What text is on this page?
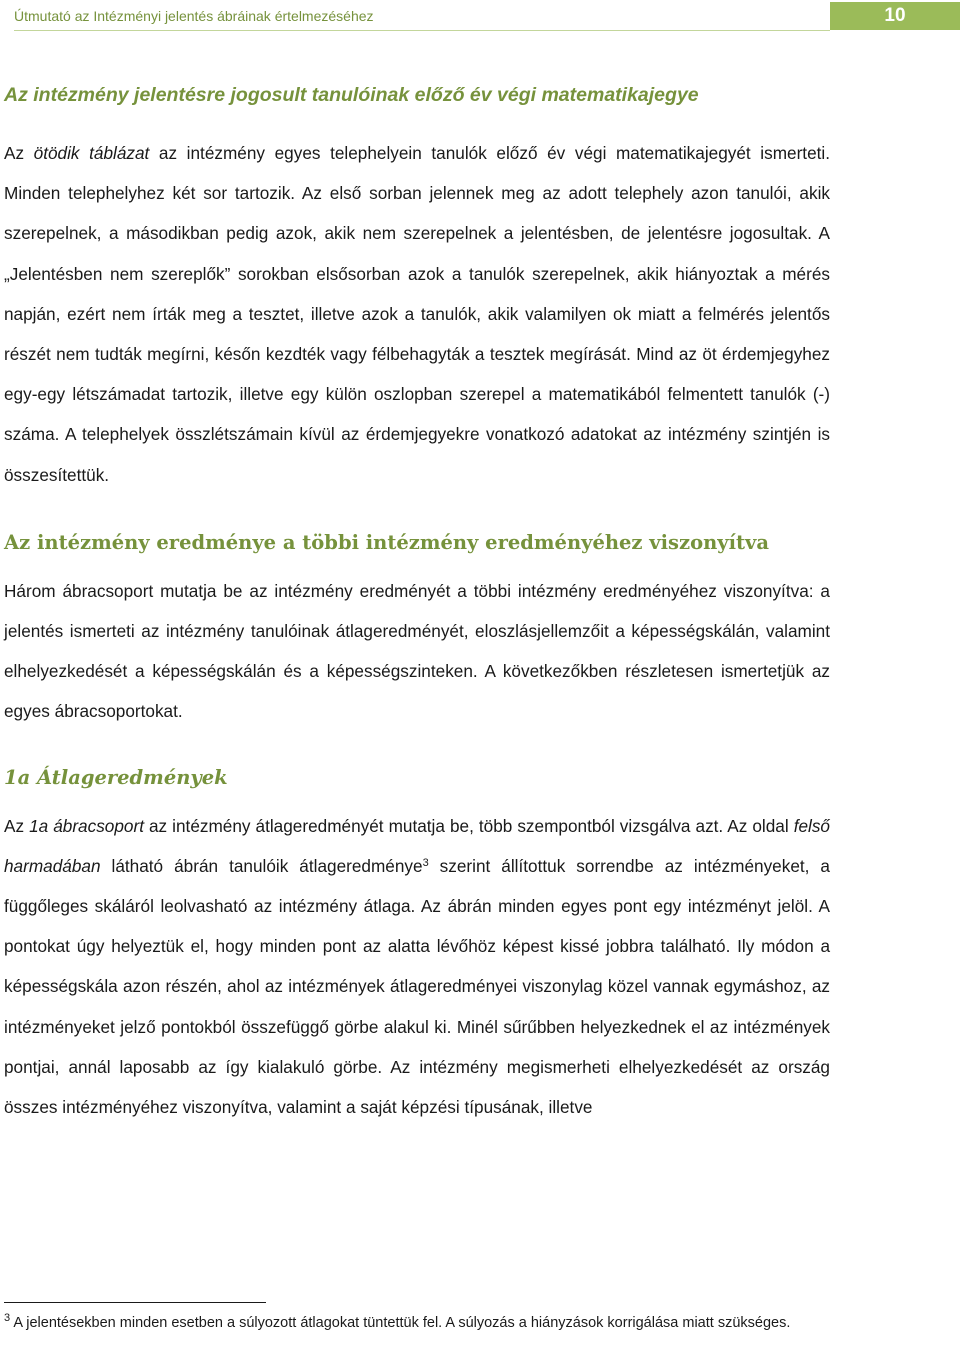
Útmutató az Intézményi jelentés ábráinak értelmezéséhez	10
Az intézmény jelentésre jogosult tanulóinak előző év végi matematikajegye

Az ötödik táblázat az intézmény egyes telephelyein tanulók előző év végi matematikajegyét ismerteti. Minden telephelyhez két sor tartozik. Az első sorban jelennek meg az adott telephely azon tanulói, akik szerepelnek, a másodikban pedig azok, akik nem szerepelnek a jelentésben, de jelentésre jogosultak. A „Jelentésben nem szereplők” sorokban elsősorban azok a tanulók szerepelnek, akik hiányoztak a mérés napján, ezért nem írták meg a tesztet, illetve azok a tanulók, akik valamilyen ok miatt a felmérés jelentős részét nem tudták megírni, későn kezdték vagy félbehagyták a tesztek megírását. Mind az öt érdemjegyhez egy-egy létszámadat tartozik, illetve egy külön oszlopban szerepel a matematikából felmentett tanulók (-) száma. A telephelyek összlétszámain kívül az érdemjegyekre vonatkozó adatokat az intézmény szintjén is összesítettük.

Az intézmény eredménye a többi intézmény eredményéhez viszonyítva

Három ábracsoport mutatja be az intézmény eredményét a többi intézmény eredményéhez viszonyítva: a jelentés ismerteti az intézmény tanulóinak átlageredményét, eloszlásjellemzőit a képességskálán, valamint elhelyezkedését a képességskálán és a képességszinteken. A következőkben részletesen ismertetjük az egyes ábracsoportokat.

1a Átlageredmények

Az 1a ábracsoport az intézmény átlageredményét mutatja be, több szempontból vizsgálva azt. Az oldal felső harmadában látható ábrán tanulóik átlageredménye$^3$ szerint állítottuk sorrendbe az intézményeket, a függőleges skáláról leolvasható az intézmény átlaga. Az ábrán minden egyes pont egy intézményt jelöl. A pontokat úgy helyeztük el, hogy minden pont az alatta lévőhöz képest kissé jobbra található. Ily módon a képességskála azon részén, ahol az intézmények átlageredményei viszonylag közel vannak egymáshoz, az intézményeket jelző pontokból összefüggő görbe alakul ki. Minél sűrűbben helyezkednek el az intézmények pontjai, annál laposabb az így kialakuló görbe. Az intézmény megismerheti elhelyezkedését az ország összes intézményéhez viszonyítva, valamint a saját képzési típusának, illetve

$^3$ A jelentésekben minden esetben a súlyozott átlagokat tüntettük fel. A súlyozás a hiányzások korrigálása miatt szükséges.
